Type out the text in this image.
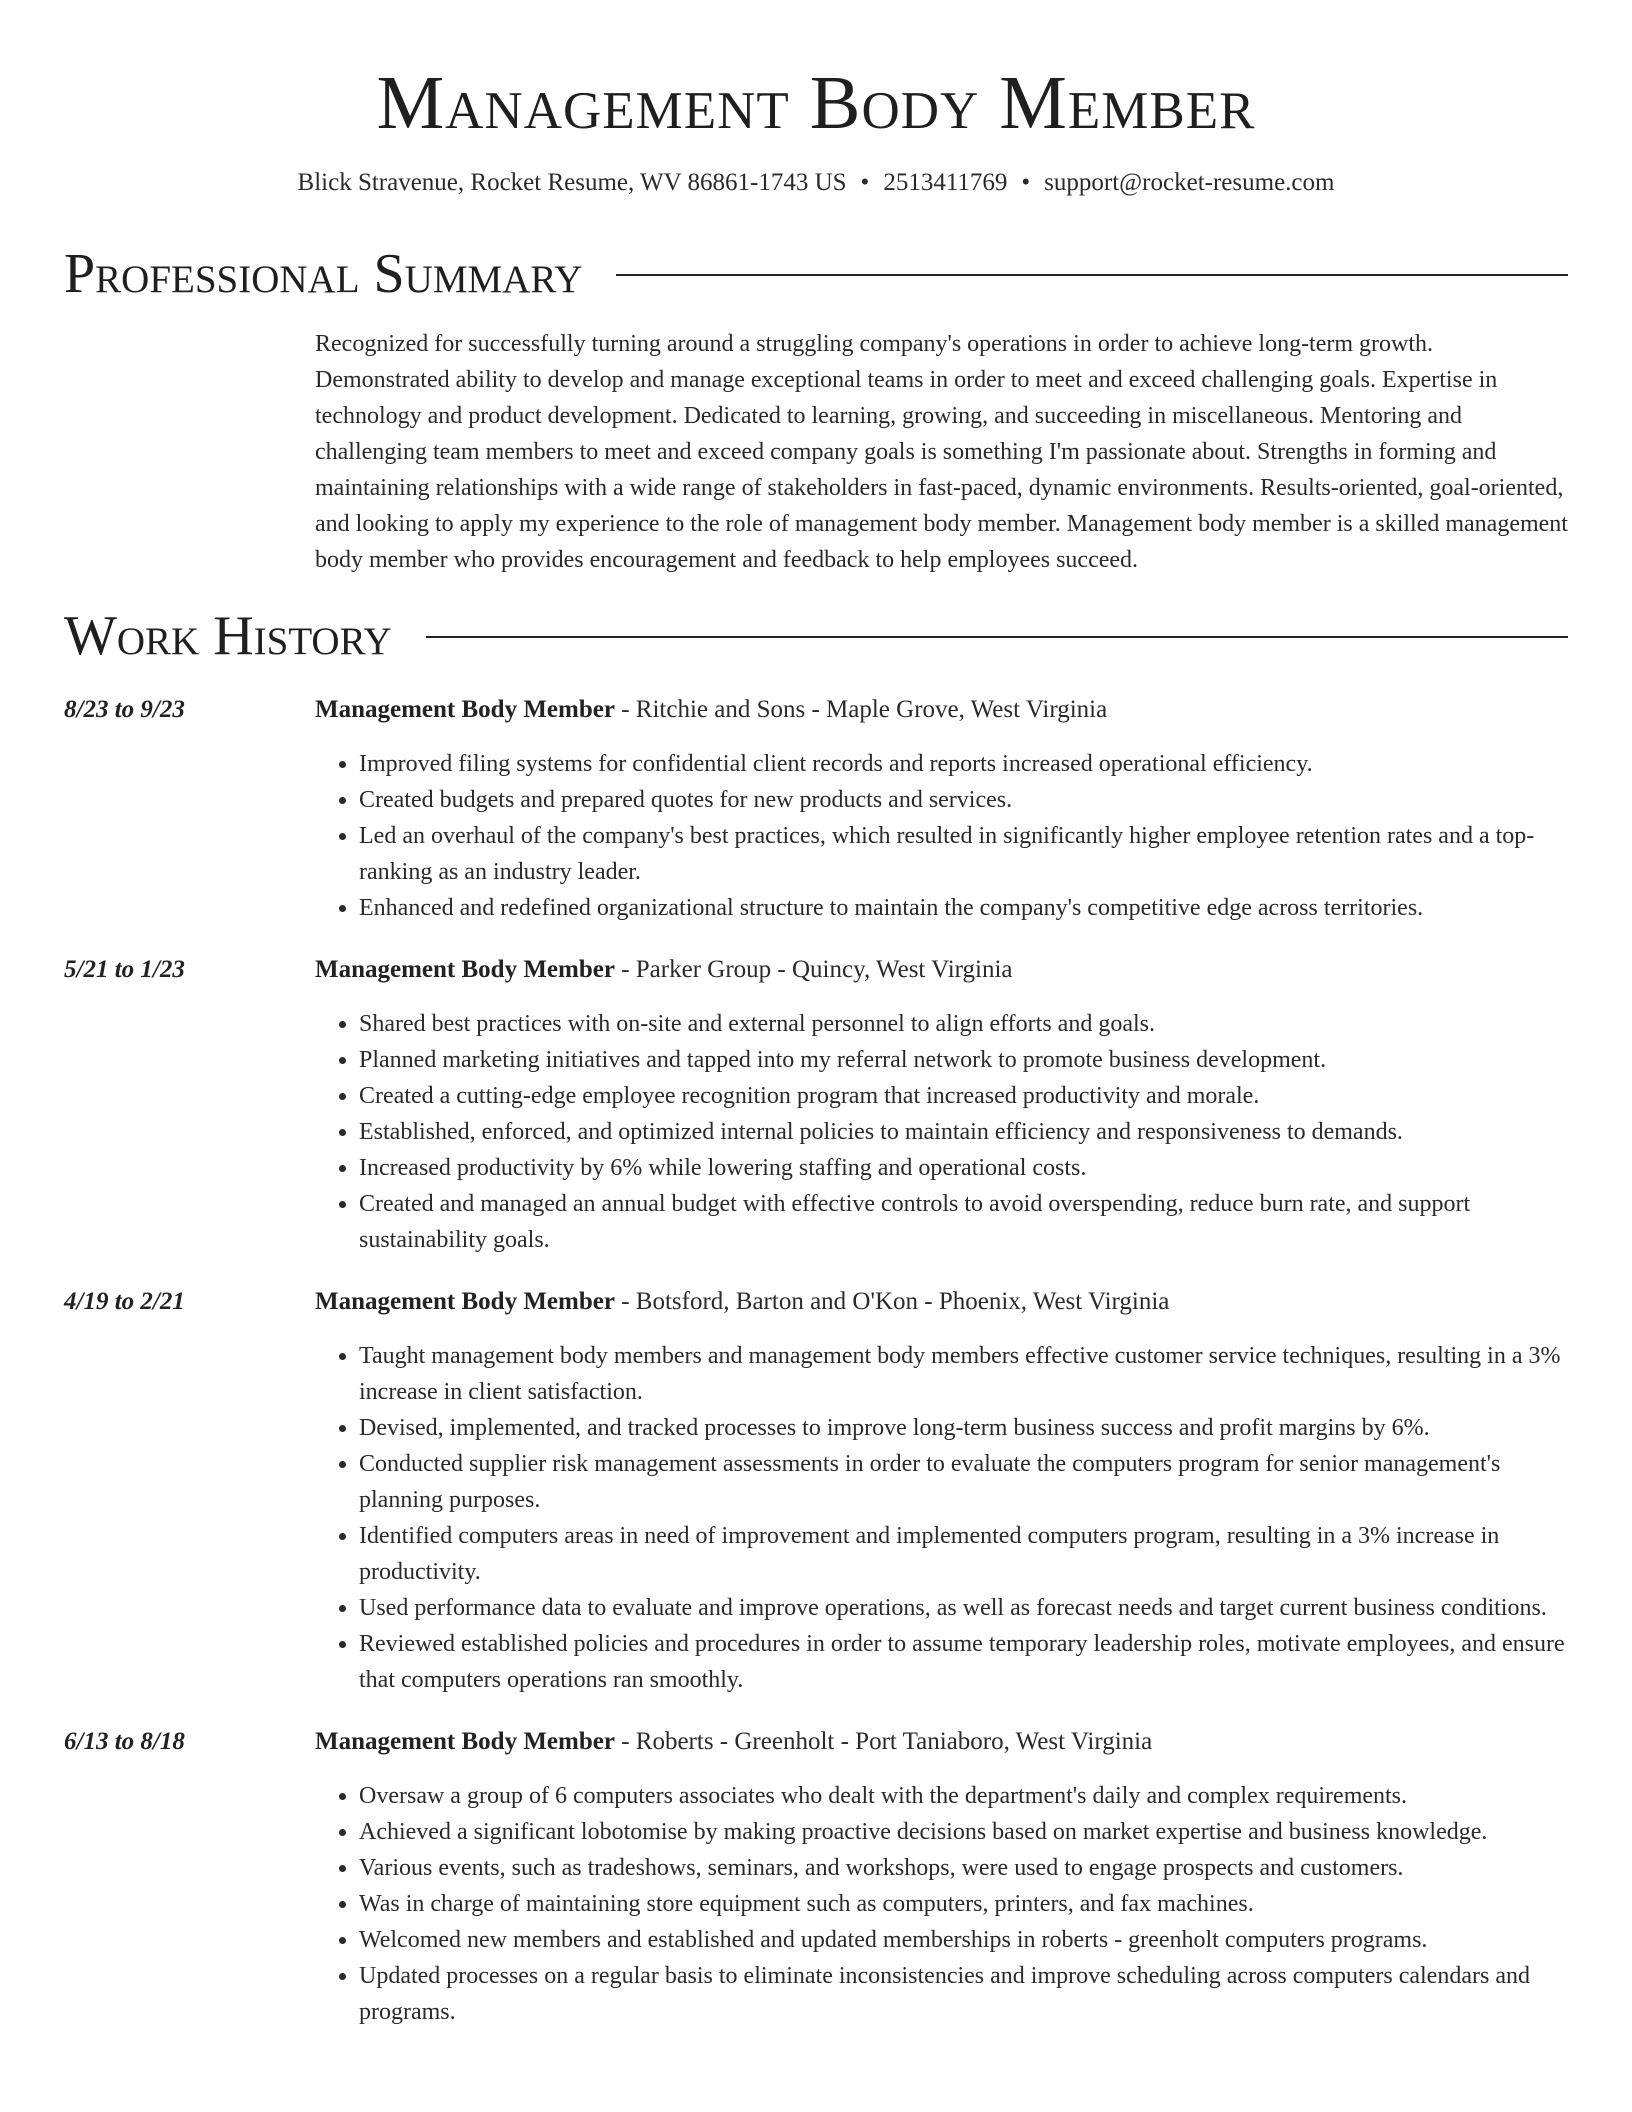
Management Body Member
Blick Stravenue, Rocket Resume, WV 86861-1743 US • 2513411769 • support@rocket-resume.com
Professional Summary
Recognized for successfully turning around a struggling company's operations in order to achieve long-term growth. Demonstrated ability to develop and manage exceptional teams in order to meet and exceed challenging goals. Expertise in technology and product development. Dedicated to learning, growing, and succeeding in miscellaneous. Mentoring and challenging team members to meet and exceed company goals is something I'm passionate about. Strengths in forming and maintaining relationships with a wide range of stakeholders in fast-paced, dynamic environments. Results-oriented, goal-oriented, and looking to apply my experience to the role of management body member. Management body member is a skilled management body member who provides encouragement and feedback to help employees succeed.
Work History
8/23 to 9/23	Management Body Member - Ritchie and Sons - Maple Grove, West Virginia
• Improved filing systems for confidential client records and reports increased operational efficiency.
• Created budgets and prepared quotes for new products and services.
• Led an overhaul of the company's best practices, which resulted in significantly higher employee retention rates and a top-ranking as an industry leader.
• Enhanced and redefined organizational structure to maintain the company's competitive edge across territories.
5/21 to 1/23	Management Body Member - Parker Group - Quincy, West Virginia
• Shared best practices with on-site and external personnel to align efforts and goals.
• Planned marketing initiatives and tapped into my referral network to promote business development.
• Created a cutting-edge employee recognition program that increased productivity and morale.
• Established, enforced, and optimized internal policies to maintain efficiency and responsiveness to demands.
• Increased productivity by 6% while lowering staffing and operational costs.
• Created and managed an annual budget with effective controls to avoid overspending, reduce burn rate, and support sustainability goals.
4/19 to 2/21	Management Body Member - Botsford, Barton and O'Kon - Phoenix, West Virginia
• Taught management body members and management body members effective customer service techniques, resulting in a 3% increase in client satisfaction.
• Devised, implemented, and tracked processes to improve long-term business success and profit margins by 6%.
• Conducted supplier risk management assessments in order to evaluate the computers program for senior management's planning purposes.
• Identified computers areas in need of improvement and implemented computers program, resulting in a 3% increase in productivity.
• Used performance data to evaluate and improve operations, as well as forecast needs and target current business conditions.
• Reviewed established policies and procedures in order to assume temporary leadership roles, motivate employees, and ensure that computers operations ran smoothly.
6/13 to 8/18	Management Body Member - Roberts - Greenholt - Port Taniaboro, West Virginia
• Oversaw a group of 6 computers associates who dealt with the department's daily and complex requirements.
• Achieved a significant lobotomise by making proactive decisions based on market expertise and business knowledge.
• Various events, such as tradeshows, seminars, and workshops, were used to engage prospects and customers.
• Was in charge of maintaining store equipment such as computers, printers, and fax machines.
• Welcomed new members and established and updated memberships in roberts - greenholt computers programs.
• Updated processes on a regular basis to eliminate inconsistencies and improve scheduling across computers calendars and programs.
